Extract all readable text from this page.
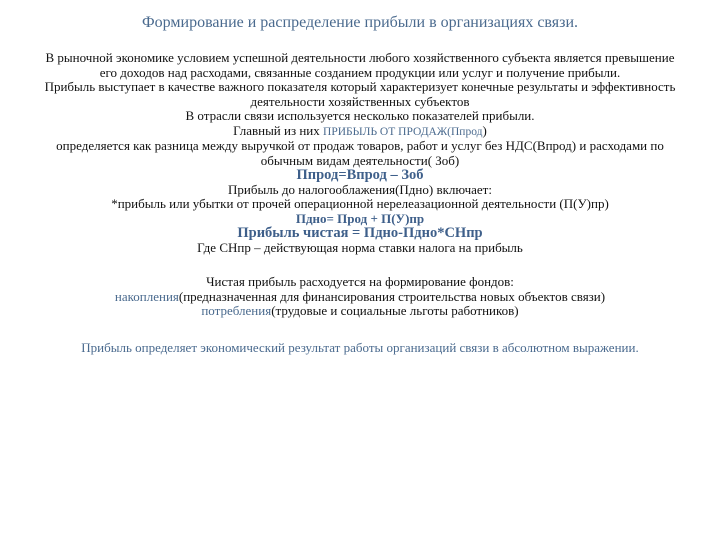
Формирование и распределение прибыли в организациях связи.

В рыночной экономике условием успешной деятельности любого хозяйственного субъекта является превышение его доходов над расходами, связанные созданием продукции или услуг и получение прибыли.

Прибыль выступает в качестве важного показателя который характеризует конечные результаты и эффективность деятельности хозяйственных субъектов

В отрасли связи используется несколько показателей прибыли.

Главный из них ПРИБЫЛЬ ОТ ПРОДАЖ(Ппрод)

определяется как разница между выручкой от продаж товаров, работ и услуг без НДС(Впрод) и расходами по обычным видам деятельности( Зоб)

Ппрод=Впрод – Зоб

Прибыль до налогооблажения(Пдно) включает:

*прибыль или убытки от прочей операционной нерелеазационной деятельности (П(У)пр)

Пдно= Прод + П(У)пр

Прибыль чистая = Пдно-Пдно*СНпр

Где СНпр – действующая норма ставки налога на прибыль

Чистая прибыль расходуется на формирование фондов:

накопления(предназначенная для финансирования строительства новых объектов связи)

потребления(трудовые и социальные льготы работников)

Прибыль определяет экономический результат работы организаций связи в абсолютном выражении.
